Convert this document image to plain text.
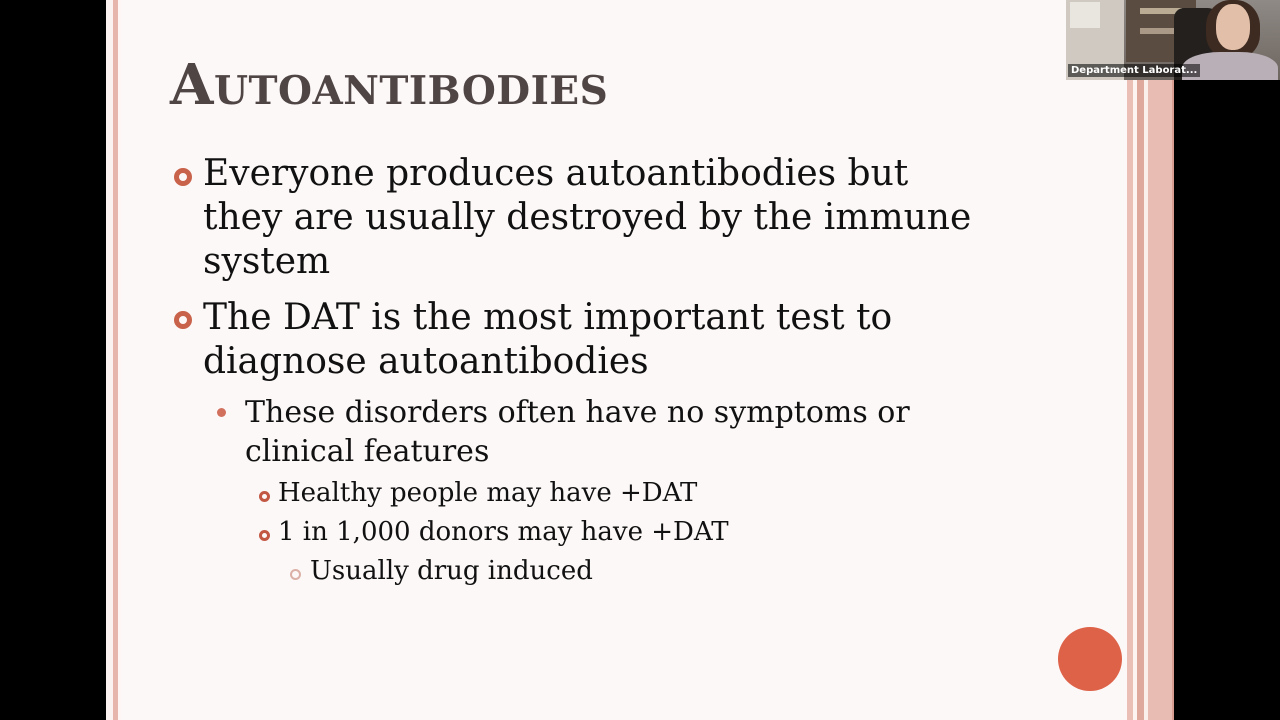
Autoantibodies
Everyone produces autoantibodies but
they are usually destroyed by the immune
system
The DAT is the most important test to
diagnose autoantibodies
These disorders often have no symptoms or
clinical features
Healthy people may have +DAT
1 in 1,000 donors may have +DAT
Usually drug induced
Department Laborat...
